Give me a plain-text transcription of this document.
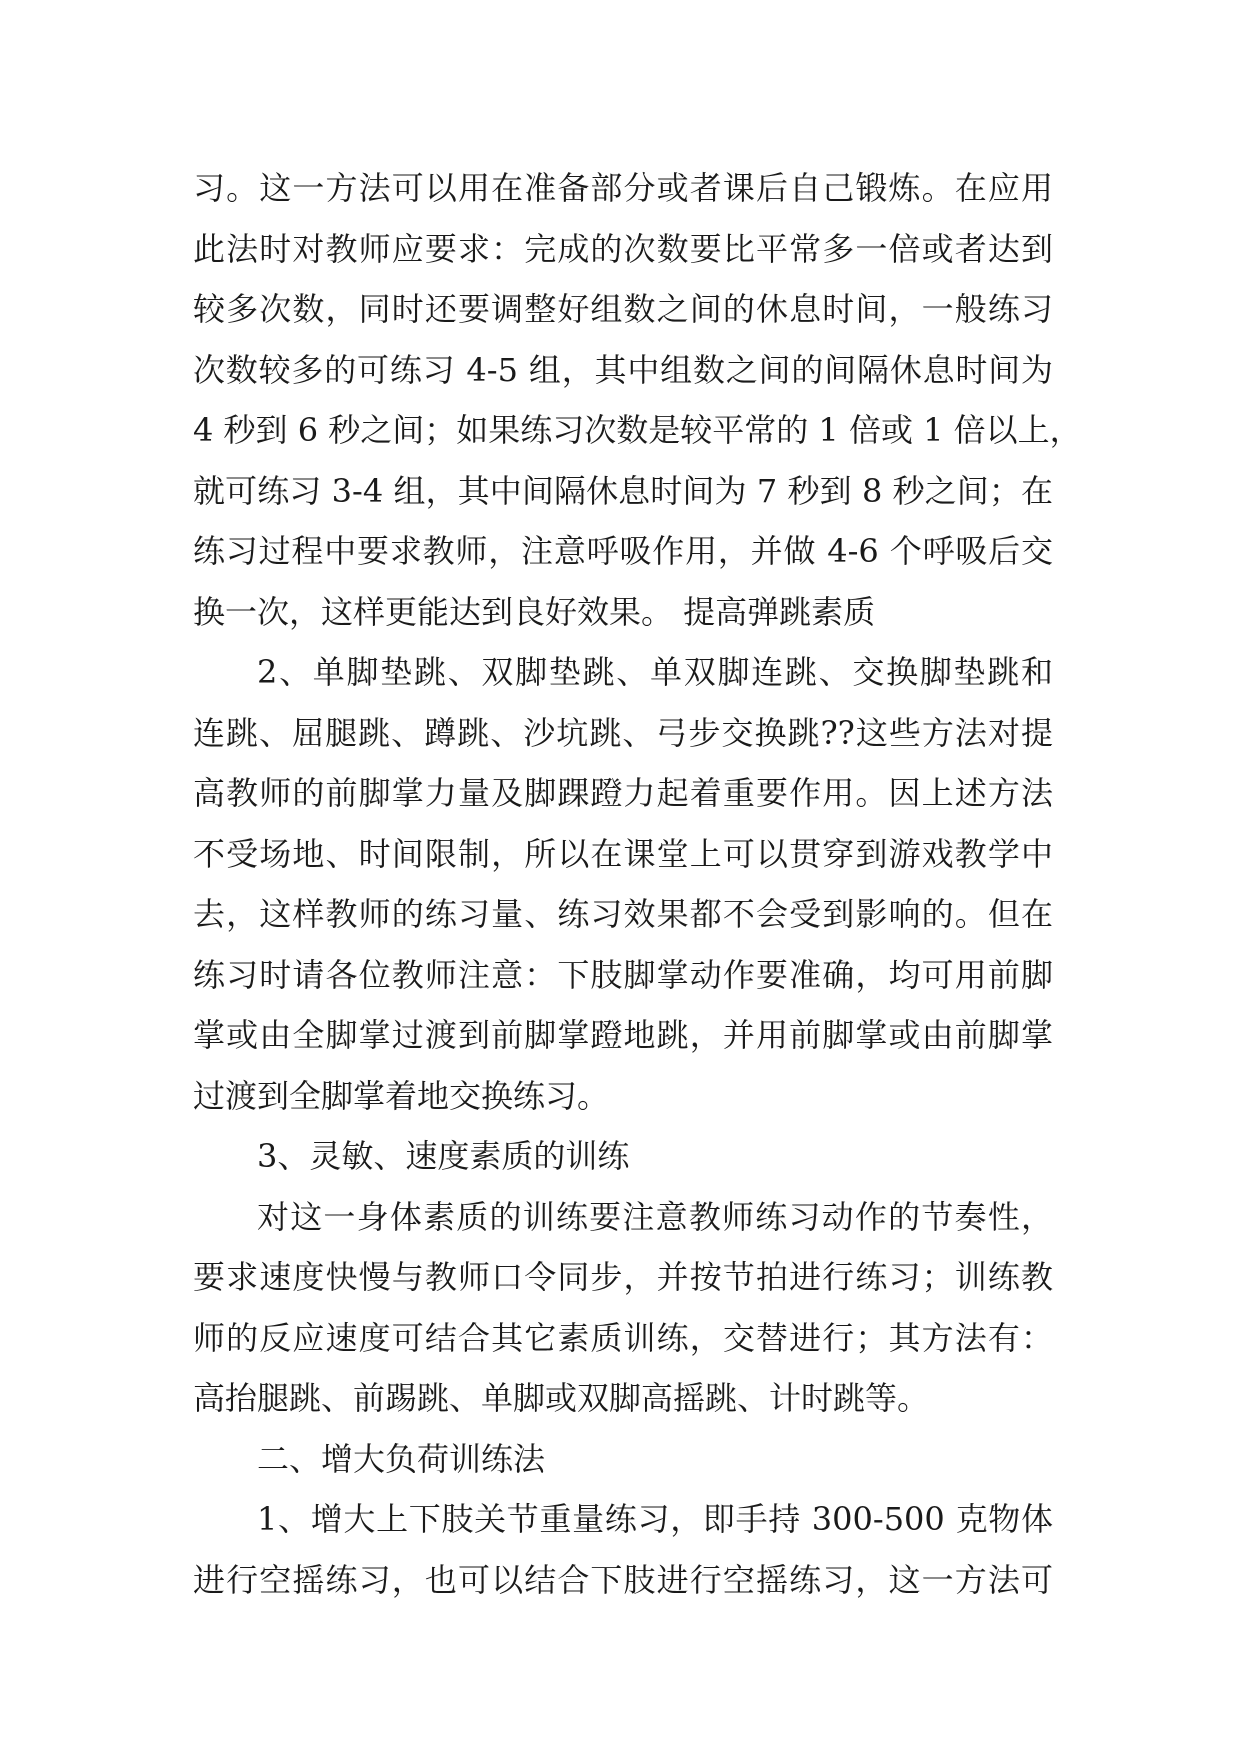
习。这一方法可以用在准备部分或者课后自己锻炼。在应用
此法时对教师应要求：完成的次数要比平常多一倍或者达到
较多次数，同时还要调整好组数之间的休息时间，一般练习
次数较多的可练习 4-5 组，其中组数之间的间隔休息时间为
4 秒到 6 秒之间；如果练习次数是较平常的 1 倍或 1 倍以上，
就可练习 3-4 组，其中间隔休息时间为 7 秒到 8 秒之间；在
练习过程中要求教师，注意呼吸作用，并做 4-6 个呼吸后交
换一次，这样更能达到良好效果。 提高弹跳素质
2、单脚垫跳、双脚垫跳、单双脚连跳、交换脚垫跳和
连跳、屈腿跳、蹲跳、沙坑跳、弓步交换跳??这些方法对提
高教师的前脚掌力量及脚踝蹬力起着重要作用。因上述方法
不受场地、时间限制，所以在课堂上可以贯穿到游戏教学中
去，这样教师的练习量、练习效果都不会受到影响的。但在
练习时请各位教师注意：下肢脚掌动作要准确，均可用前脚
掌或由全脚掌过渡到前脚掌蹬地跳，并用前脚掌或由前脚掌
过渡到全脚掌着地交换练习。
3、灵敏、速度素质的训练
对这一身体素质的训练要注意教师练习动作的节奏性，
要求速度快慢与教师口令同步，并按节拍进行练习；训练教
师的反应速度可结合其它素质训练，交替进行；其方法有：
高抬腿跳、前踢跳、单脚或双脚高摇跳、计时跳等。
二、增大负荷训练法
1、增大上下肢关节重量练习，即手持 300-500 克物体
进行空摇练习，也可以结合下肢进行空摇练习，这一方法可
